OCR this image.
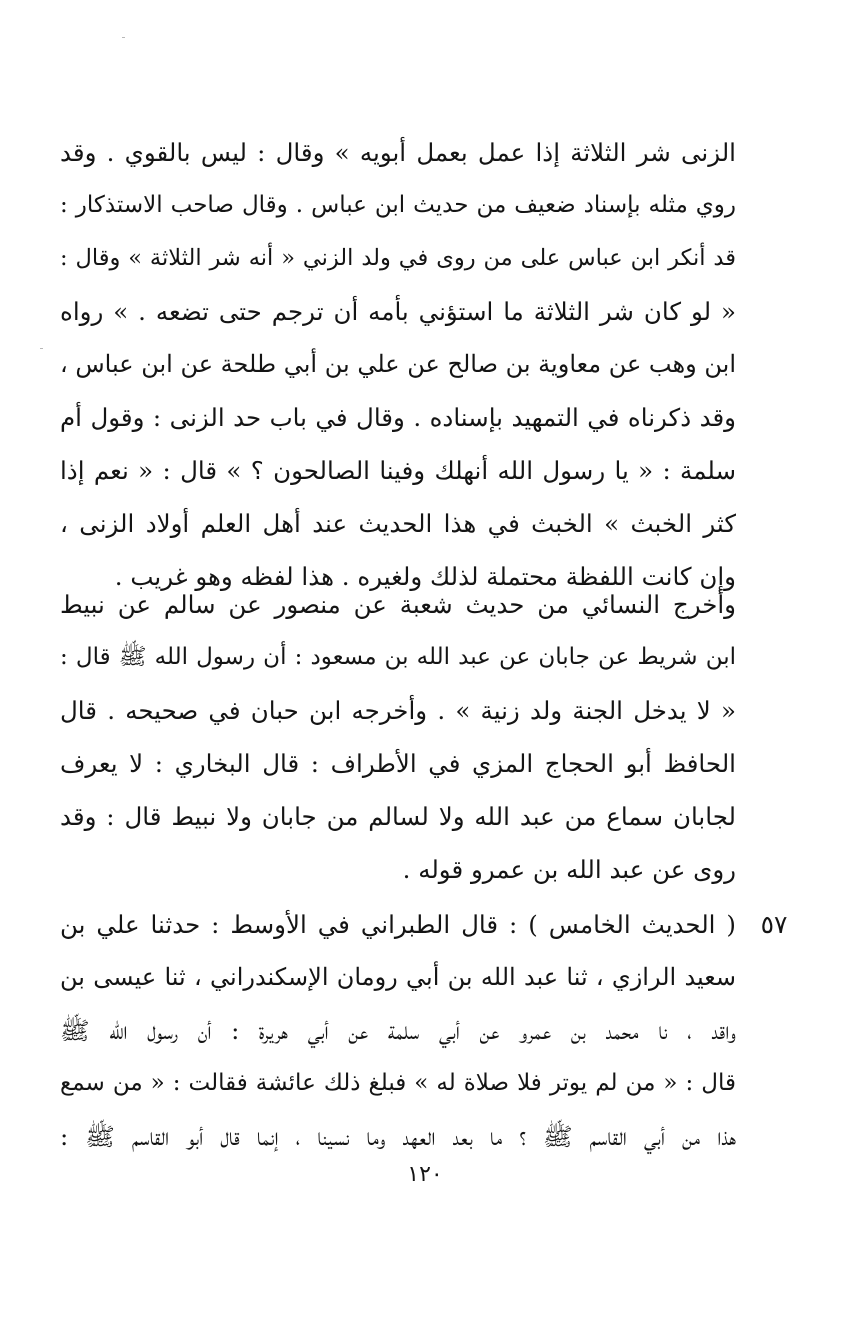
الزنى شر الثلاثة إذا عمل بعمل أبويه » وقال : ليس بالقوي . وقد
روي مثله بإسناد ضعيف من حديث ابن عباس . وقال صاحب الاستذكار :
قد أنكر ابن عباس على من روى في ولد الزني « أنه شر الثلاثة » وقال :
« لو كان شر الثلاثة ما استؤني بأمه أن ترجم حتى تضعه . » رواه
ابن وهب عن معاوية بن صالح عن علي بن أبي طلحة عن ابن عباس ،
وقد ذكرناه في التمهيد بإسناده . وقال في باب حد الزنى : وقول أم
سلمة : « يا رسول الله أنهلك وفينا الصالحون ؟ » قال : « نعم إذا
كثر الخبث » الخبث في هذا الحديث عند أهل العلم أولاد الزنى ،
وإن كانت اللفظة محتملة لذلك ولغيره . هذا لفظه وهو غريب .
وأخرج النسائي من حديث شعبة عن منصور عن سالم عن نبيط
ابن شريط عن جابان عن عبد الله بن مسعود : أن رسول الله ﷺ قال :
« لا يدخل الجنة ولد زنية » . وأخرجه ابن حبان في صحيحه . قال
الحافظ أبو الحجاج المزي في الأطراف : قال البخاري : لا يعرف
لجابان سماع من عبد الله ولا لسالم من جابان ولا نبيط قال : وقد
روى عن عبد الله بن عمرو قوله .
٥٧
( الحديث الخامس ) : قال الطبراني في الأوسط : حدثنا علي بن
سعيد الرازي ، ثنا عبد الله بن أبي رومان الإسكندراني ، ثنا عيسى بن
واقد ، نا محمد بن عمرو عن أبي سلمة عن أبي هريرة : أن رسول الله ﷺ
قال : « من لم يوتر فلا صلاة له » فبلغ ذلك عائشة فقالت : « من سمع
هذا من أبي القاسم ﷺ ؟ ما بعد العهد وما نسينا ، إنما قال أبو القاسم ﷺ :
١٢٠
